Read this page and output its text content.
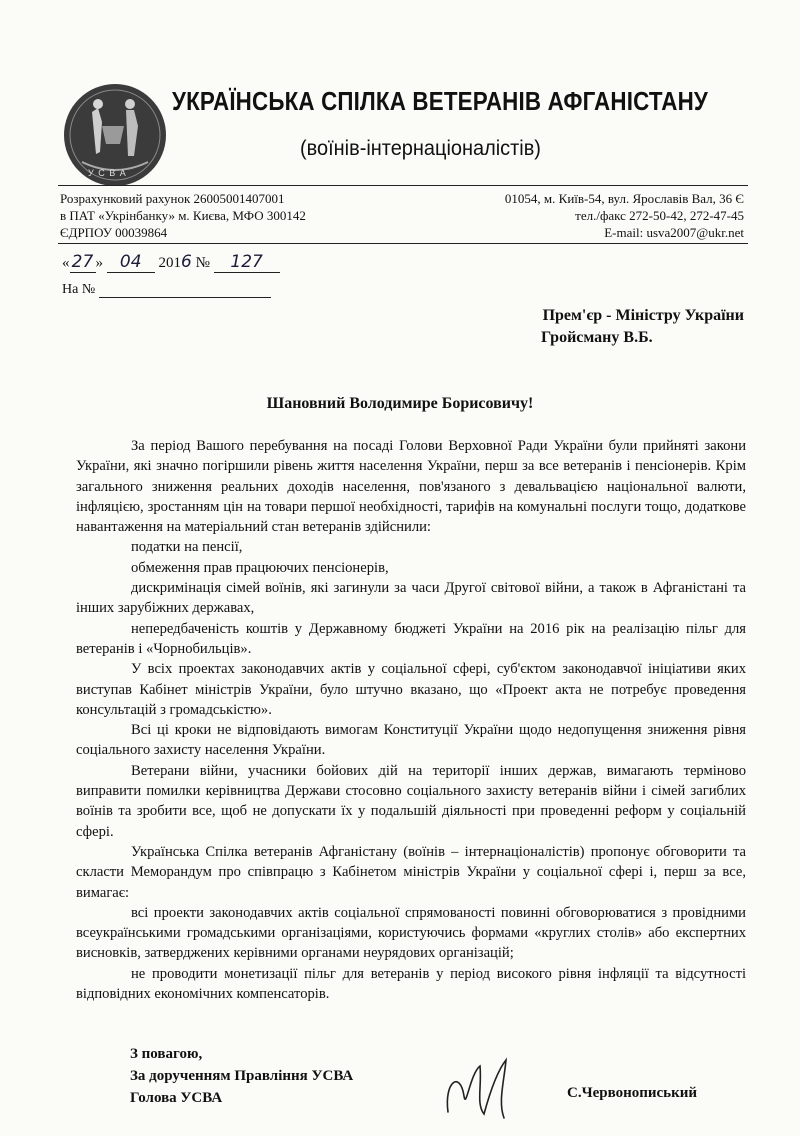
У С В А
УКРАЇНСЬКА СПІЛКА ВЕТЕРАНІВ АФГАНІСТАНУ
(воїнів-інтернаціоналістів)
Розрахунковий рахунок 26005001407001
в ПАТ «Укрінбанку» м. Києва, МФО 300142
ЄДРПОУ 00039864
01054, м. Київ-54, вул. Ярославів Вал, 36 Є
тел./факс 272-50-42, 272-47-45
E-mail: usva2007@ukr.net
« 27 » 04 2016 № 127
На №
Прем'єр - Міністру України
Гройсману В.Б.
Шановний Володимире Борисовичу!

За період Вашого перебування на посаді Голови Верховної Ради України були прийняті закони України, які значно погіршили рівень життя населення України, перш за все ветеранів і пенсіонерів. Крім загального зниження реальних доходів населення, пов'язаного з девальвацією національної валюти, інфляцією, зростанням цін на товари першої необхідності, тарифів на комунальні послуги тощо, додаткове навантаження на матеріальний стан ветеранів здійснили:

податки на пенсії,

обмеження прав працюючих пенсіонерів,

дискримінація сімей воїнів, які загинули за часи Другої світової війни, а також в Афганістані та інших зарубіжних державах,

непередбаченість коштів у Державному бюджеті України на 2016 рік на реалізацію пільг для ветеранів і «Чорнобильців».

У всіх проектах законодавчих актів у соціальної сфері, суб'єктом законодавчої ініціативи яких виступав Кабінет міністрів України, було штучно вказано, що «Проект акта не потребує проведення консультацій з громадськістю».

Всі ці кроки не відповідають вимогам Конституції України щодо недопущення зниження рівня соціального захисту населення України.

Ветерани війни, учасники бойових дій на території інших держав, вимагають терміново виправити помилки керівництва Держави стосовно соціального захисту ветеранів війни і сімей загиблих воїнів та зробити все, щоб не допускати їх у подальшій діяльності при проведенні реформ у соціальній сфері.

Українська Спілка ветеранів Афганістану (воїнів – інтернаціоналістів) пропонує обговорити та скласти Меморандум про співпрацю з Кабінетом міністрів України у соціальної сфері і, перш за все, вимагає:

всі проекти законодавчих актів соціальної спрямованості повинні обговорюватися з провідними всеукраїнськими громадськими організаціями, користуючись формами «круглих столів» або експертних висновків, затверджених керівними органами неурядових організацій;

не проводити монетизації пільг для ветеранів у період високого рівня інфляції та відсутності відповідних економічних компенсаторів.

З повагою,
За дорученням Правління УСВА
Голова УСВА	С.Червонописький
